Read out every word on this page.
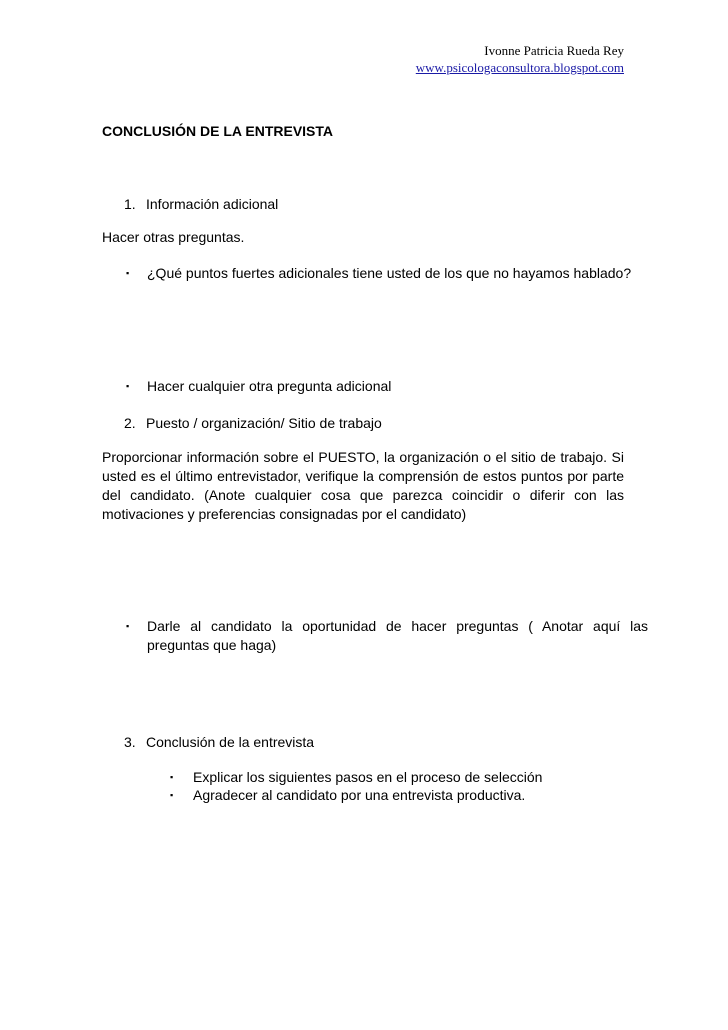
Ivonne Patricia Rueda Rey
www.psicologaconsultora.blogspot.com
CONCLUSIÓN DE LA ENTREVISTA
1. Información adicional
Hacer otras preguntas.
▪	¿Qué puntos fuertes adicionales tiene usted de los que no hayamos hablado?
▪	Hacer cualquier otra pregunta adicional
2. Puesto / organización/ Sitio de trabajo
Proporcionar información sobre el PUESTO, la organización o el sitio de trabajo. Si usted es el último entrevistador, verifique la comprensión de estos puntos por parte del candidato. (Anote cualquier cosa que parezca coincidir o diferir con las motivaciones y preferencias consignadas por el candidato)
▪	Darle al candidato la oportunidad de hacer preguntas ( Anotar aquí las preguntas que haga)
3. Conclusión de la entrevista
▪	Explicar los siguientes pasos en el proceso de selección
▪	Agradecer al candidato por una entrevista productiva.
